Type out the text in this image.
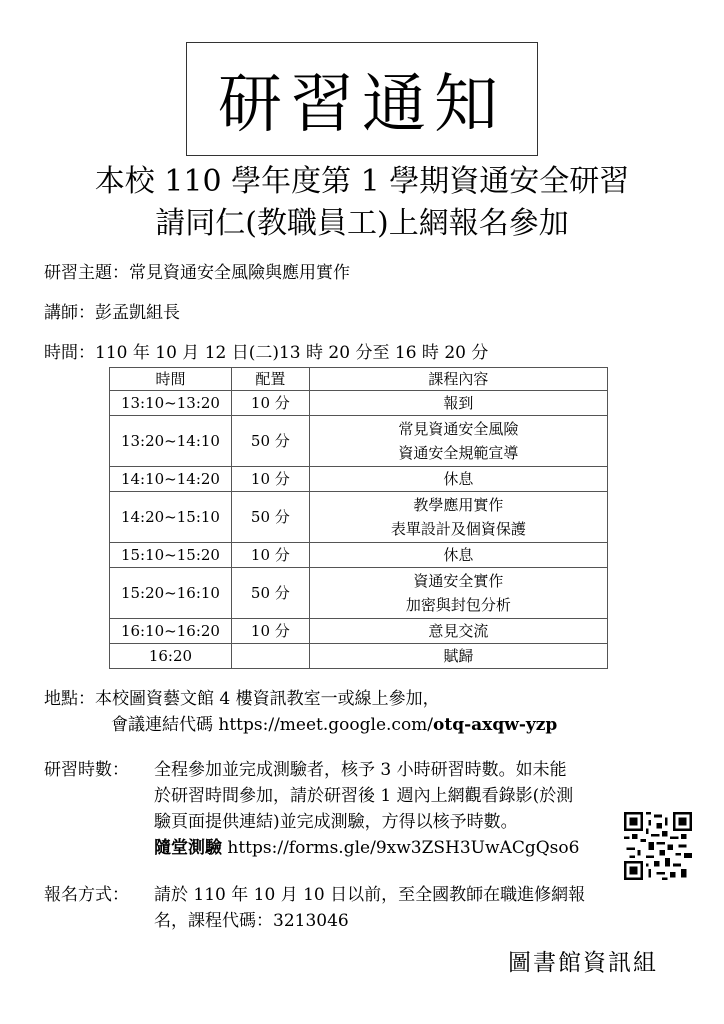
研習通知
本校 110 學年度第 1 學期資通安全研習
請同仁(教職員工)上網報名參加
研習主題：常見資通安全風險與應用實作
講師：彭孟凱組長
時間：110 年 10 月 12 日(二)13 時 20 分至 16 時 20 分
時間	配置	課程內容
13:10~13:20	10 分	報到

13:20~14:10	50 分	常見資通安全風險
資通安全規範宣導

14:10~14:20	10 分	休息

14:20~15:10	50 分	教學應用實作
表單設計及個資保護

15:10~15:20	10 分	休息

15:20~16:10	50 分	資通安全實作
加密與封包分析

16:10~16:20	10 分	意見交流

16:20		賦歸
地點：本校圖資藝文館 4 樓資訊教室一或線上參加，
會議連結代碼 https://meet.google.com/otq-axqw-yzp
研習時數： 全程參加並完成測驗者，核予 3 小時研習時數。如未能
於研習時間參加，請於研習後 1 週內上網觀看錄影(於測
驗頁面提供連結)並完成測驗，方得以核予時數。
隨堂測驗 https://forms.gle/9xw3ZSH3UwACgQso6
報名方式： 請於 110 年 10 月 10 日以前，至全國教師在職進修網報
名，課程代碼：3213046
圖書館資訊組
